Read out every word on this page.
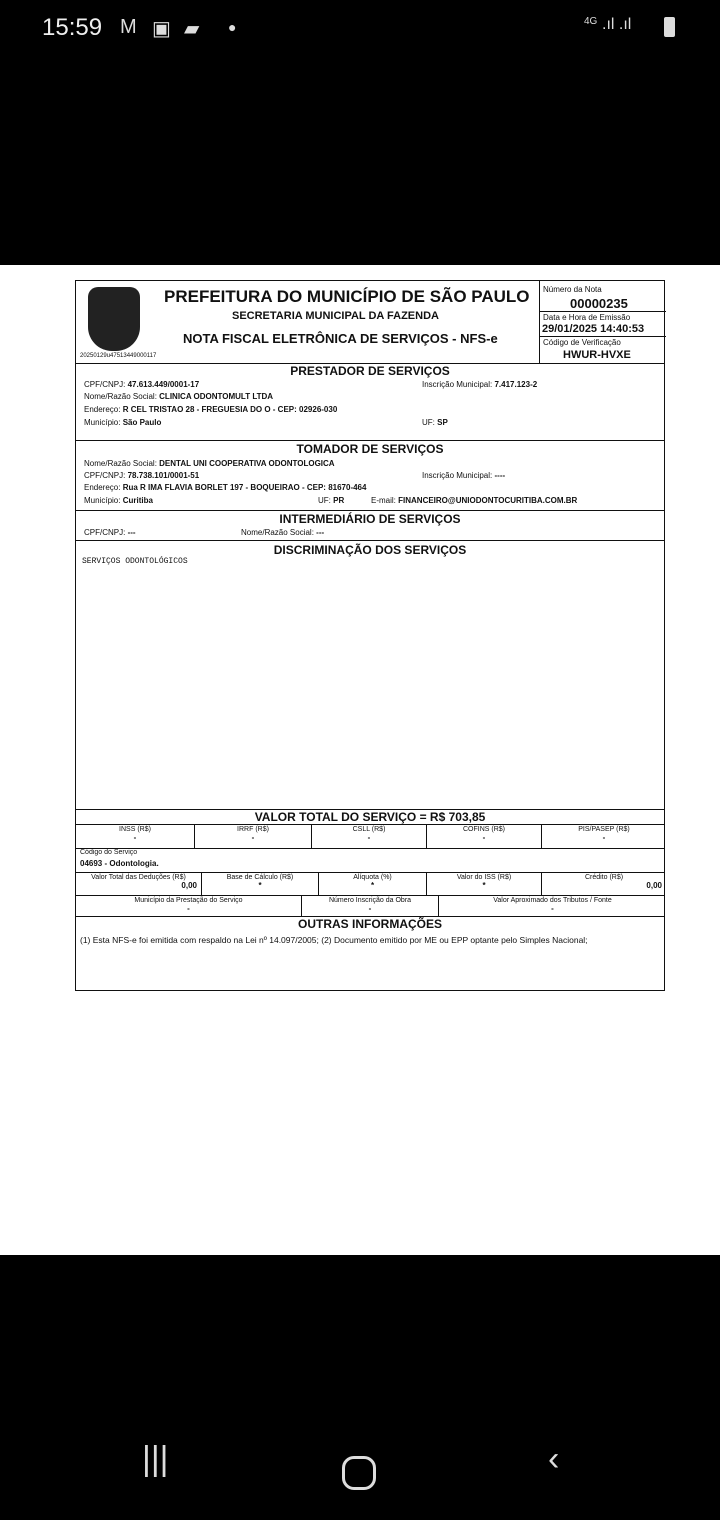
15:59 M ▣ ▰ ●	4G .ıl .ıl
20250129u47513449000117
PREFEITURA DO MUNICÍPIO DE SÃO PAULO
SECRETARIA MUNICIPAL DA FAZENDA
NOTA FISCAL ELETRÔNICA DE SERVIÇOS - NFS-e
Número da Nota
00000235
Data e Hora de Emissão
29/01/2025 14:40:53
Código de Verificação
HWUR-HVXE
PRESTADOR DE SERVIÇOS
CPF/CNPJ: 47.613.449/0001-17	Inscrição Municipal: 7.417.123-2
Nome/Razão Social: CLINICA ODONTOMULT LTDA
Endereço: R CEL TRISTAO 28 - FREGUESIA DO O - CEP: 02926-030
Município: São Paulo	UF: SP
TOMADOR DE SERVIÇOS
Nome/Razão Social: DENTAL UNI COOPERATIVA ODONTOLOGICA
CPF/CNPJ: 78.738.101/0001-51	Inscrição Municipal: ----
Endereço: Rua R IMA FLAVIA BORLET 197 - BOQUEIRAO - CEP: 81670-464
Município: Curitiba	UF: PR	E-mail: FINANCEIRO@UNIODONTOCURITIBA.COM.BR
INTERMEDIÁRIO DE SERVIÇOS
CPF/CNPJ: ---	Nome/Razão Social: ---
DISCRIMINAÇÃO DOS SERVIÇOS
SERVIÇOS ODONTOLÓGICOS
VALOR TOTAL DO SERVIÇO = R$ 703,85
INSS (R$)
-
IRRF (R$)
-
CSLL (R$)
-
COFINS (R$)
-
PIS/PASEP (R$)
-
Código do Serviço
04693 - Odontologia.
Valor Total das Deduções (R$)
0,00
Base de Cálculo (R$)
*
Alíquota (%)
*
Valor do ISS (R$)
*
Crédito (R$)
0,00
Município da Prestação do Serviço
-
Número Inscrição da Obra
-
Valor Aproximado dos Tributos / Fonte
-
OUTRAS INFORMAÇÕES
(1) Esta NFS-e foi emitida com respaldo na Lei nº 14.097/2005; (2) Documento emitido por ME ou EPP optante pelo Simples Nacional;
|||	‹
